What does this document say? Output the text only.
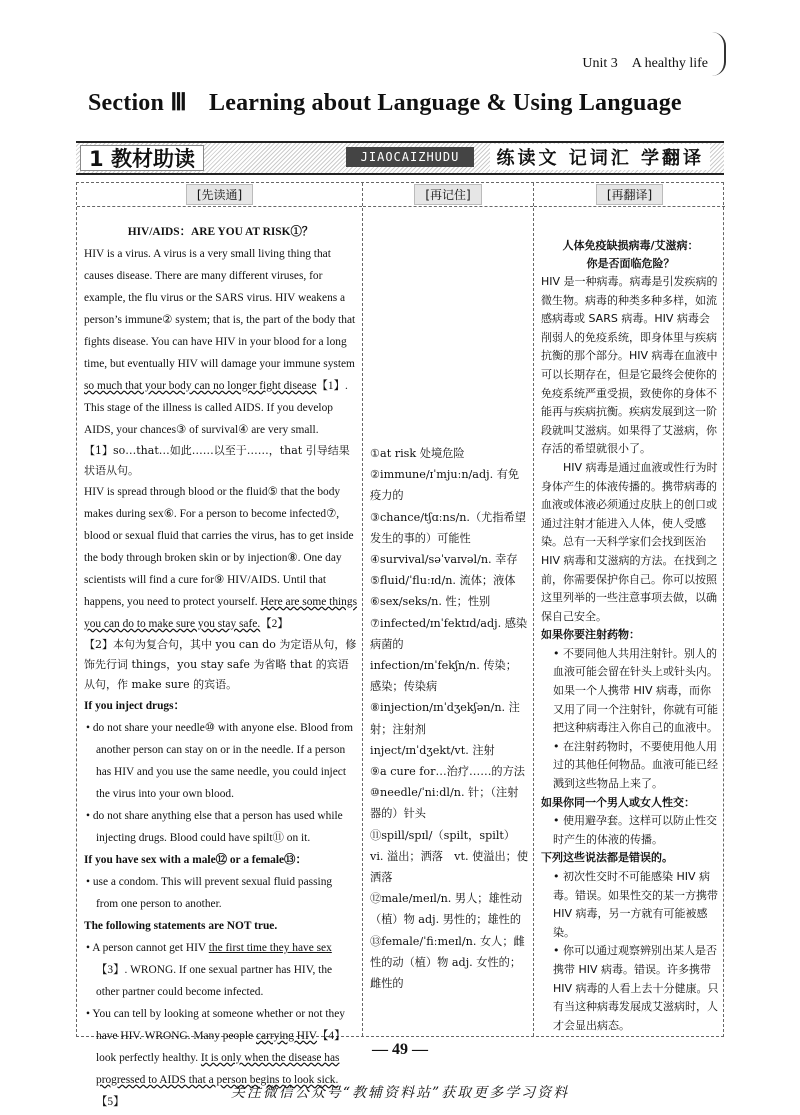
Unit 3　A healthy life
Section Ⅲ Learning about Language & Using Language
1 教材助读	JIAOCAIZHUDU	练读文 记词汇 学翻译
[先读通]

HIV/AIDS：ARE YOU AT RISK①？

HIV is a virus. A virus is a very small living thing that causes disease. There are many different viruses, for example, the flu virus or the SARS virus. HIV weakens a person’s immune② system; that is, the part of the body that fights disease. You can have HIV in your blood for a long time, but eventually HIV will damage your immune system so much that your body can no longer fight disease【1】. This stage of the illness is called AIDS. If you develop AIDS, your chances③ of survival④ are very small.

【1】so…that…如此……以至于……，that 引导结果状语从句。

HIV is spread through blood or the fluid⑤ that the body makes during sex⑥. For a person to become infected⑦, blood or sexual fluid that carries the virus, has to get inside the body through broken skin or by injection⑧. One day scientists will find a cure for⑨ HIV/AIDS. Until that happens, you need to protect yourself. Here are some things you can do to make sure you stay safe.【2】

【2】本句为复合句，其中 you can do 为定语从句，修饰先行词 things，you stay safe 为省略 that 的宾语从句，作 make sure 的宾语。

If you inject drugs：

• do not share your needle⑩ with anyone else. Blood from another person can stay on or in the needle. If a person has HIV and you use the same needle, you could inject the virus into your own blood.

• do not share anything else that a person has used while injecting drugs. Blood could have spilt⑪ on it.

If you have sex with a male⑫ or a female⑬：

• use a condom. This will prevent sexual fluid passing from one person to another.

The following statements are NOT true.

• A person cannot get HIV the first time they have sex【3】. WRONG. If one sexual partner has HIV, the other partner could become infected.

• You can tell by looking at someone whether or not they have HIV. WRONG. Many people carrying HIV【4】 look perfectly healthy. It is only when the disease has progressed to AIDS that a person begins to look sick.【5】

[再记住]
①at risk 处境危险
②immune/ɪˈmjuːn/adj. 有免疫力的
③chance/tʃɑːns/n.（尤指希望发生的事的）可能性
④survival/səˈvaɪvəl/n. 幸存
⑤fluid/ˈfluːɪd/n. 流体；液体
⑥sex/seks/n. 性；性别
⑦infected/ɪnˈfektɪd/adj. 感染病菌的
infection/ɪnˈfekʃn/n. 传染；感染；传染病
⑧injection/ɪnˈdʒekʃən/n. 注射；注射剂
inject/ɪnˈdʒekt/vt. 注射
⑨a cure for…治疗……的方法
⑩needle/ˈniːdl/n. 针；（注射器的）针头
⑪spill/spɪl/（spilt，spilt）vi. 溢出；洒落　vt. 使溢出；使洒落
⑫male/meɪl/n. 男人；雄性动（植）物 adj. 男性的；雄性的
⑬female/ˈfiːmeɪl/n. 女人；雌性的动（植）物 adj. 女性的；雌性的
[再翻译]

人体免疫缺损病毒/艾滋病：

你是否面临危险？

HIV 是一种病毒。病毒是引发疾病的微生物。病毒的种类多种多样，如流感病毒或 SARS 病毒。HIV 病毒会削弱人的免疫系统，即身体里与疾病抗衡的那个部分。HIV 病毒在血液中可以长期存在，但是它最终会使你的免疫系统严重受损，致使你的身体不能再与疾病抗衡。疾病发展到这一阶段就叫艾滋病。如果得了艾滋病，你存活的希望就很小了。

HIV 病毒是通过血液或性行为时身体产生的体液传播的。携带病毒的血液或体液必须通过皮肤上的创口或通过注射才能进入人体，使人受感染。总有一天科学家们会找到医治 HIV 病毒和艾滋病的方法。在找到之前，你需要保护你自己。你可以按照这里列举的一些注意事项去做，以确保自己安全。

如果你要注射药物：

• 不要同他人共用注射针。别人的血液可能会留在针头上或针头内。如果一个人携带 HIV 病毒，而你又用了同一个注射针，你就有可能把这种病毒注入你自己的血液中。

• 在注射药物时，不要使用他人用过的其他任何物品。血液可能已经溅到这些物品上来了。

如果你同一个男人或女人性交：

• 使用避孕套。这样可以防止性交时产生的体液的传播。

下列这些说法都是错误的。

• 初次性交时不可能感染 HIV 病毒。错误。如果性交的某一方携带 HIV 病毒，另一方就有可能被感染。

• 你可以通过观察辨别出某人是否携带 HIV 病毒。错误。许多携带 HIV 病毒的人看上去十分健康。只有当这种病毒发展成艾滋病时，人才会显出病态。

— 49 —
关注微信公众号“教辅资料站”获取更多学习资料
